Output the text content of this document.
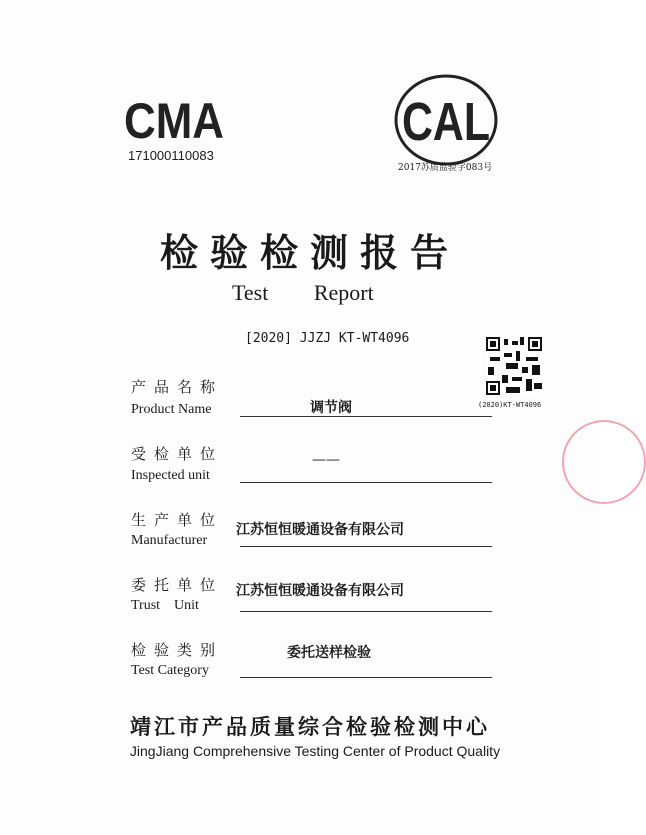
CMA
171000110083
CAL
2017苏质监验字083号
检验检测报告
Test Report
[2020] JJZJ KT-WT4096
(2020)KT-WT4096
产品名称
Product Name	调节阀
受检单位
Inspected unit
——
生产单位
Manufacturer
江苏恒恒暖通设备有限公司
委托单位
Trust    Unit
江苏恒恒暖通设备有限公司
检验类别
Test Category
委托送样检验
靖江市产品质量综合检验检测中心
JingJiang Comprehensive Testing Center of Product Quality
